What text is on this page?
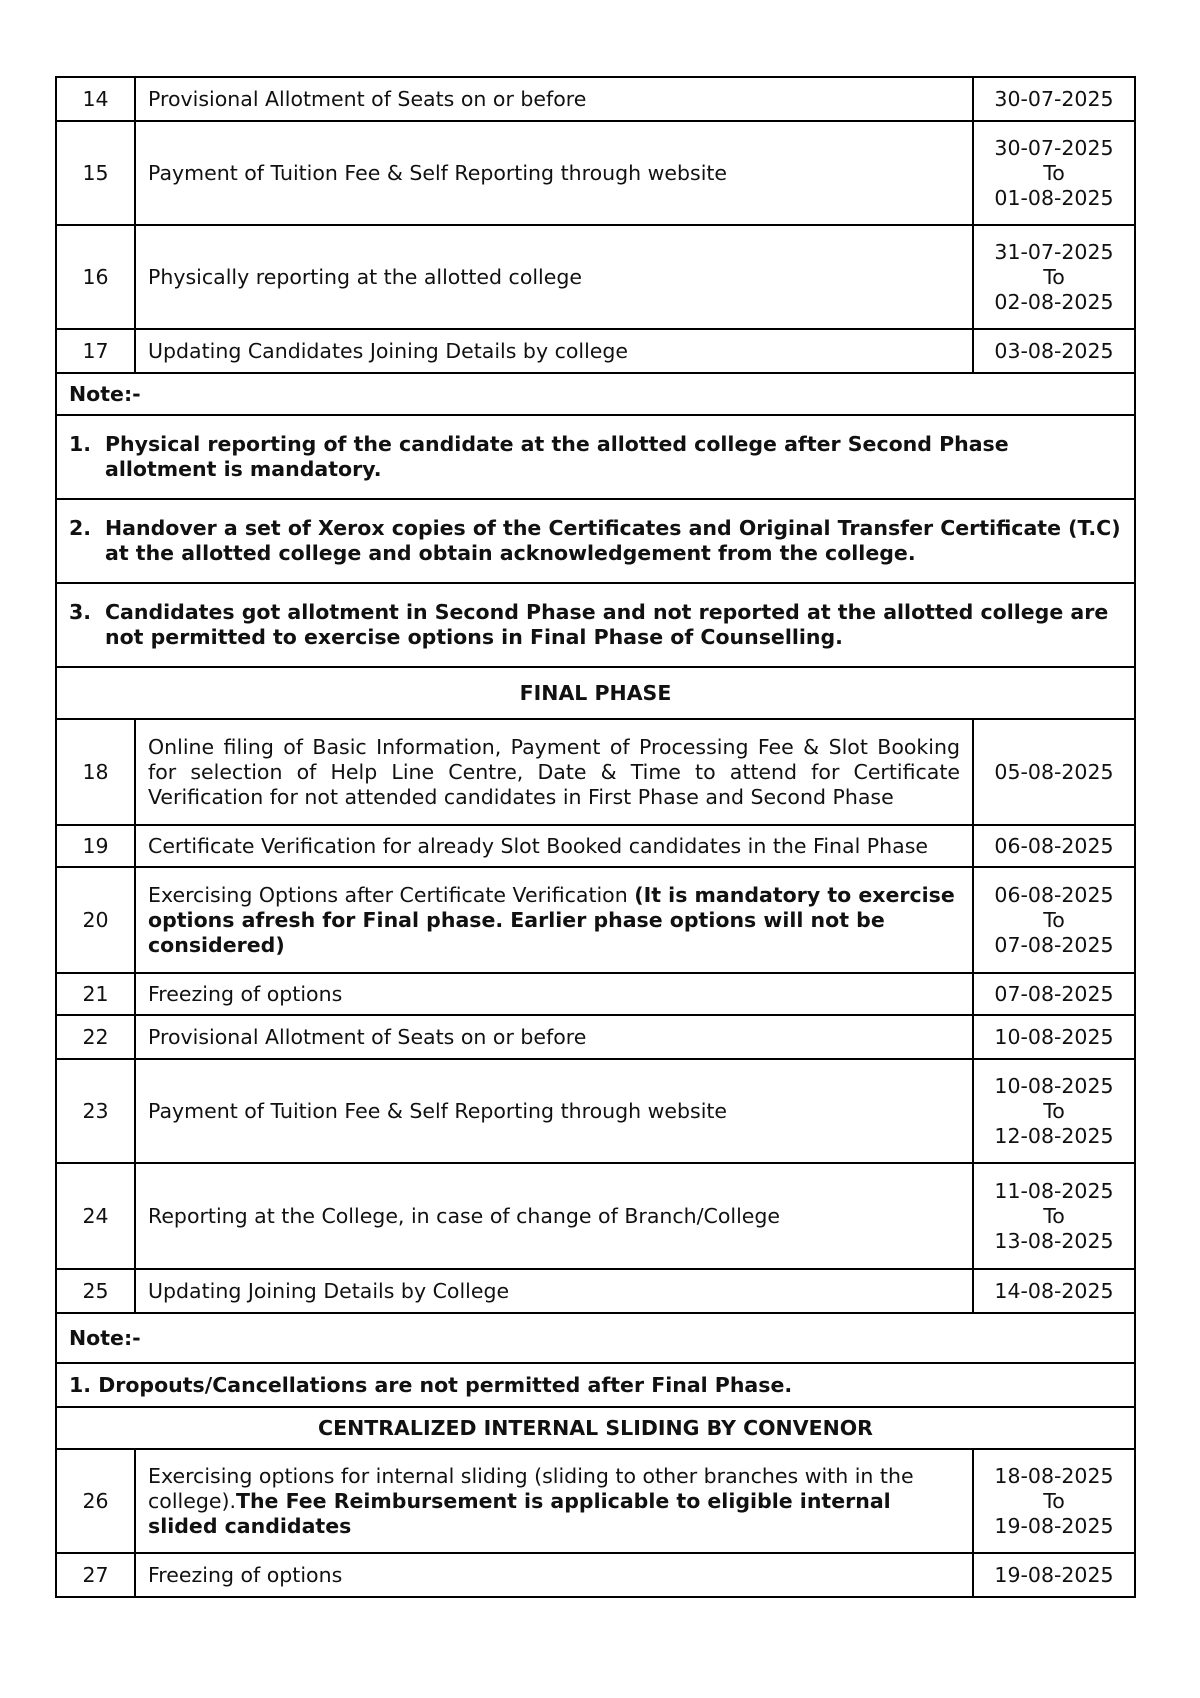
14	Provisional Allotment of Seats on or before	30-07-2025

15	Payment of Tuition Fee & Self Reporting through website	30-07-2025
To
01-08-2025

16	Physically reporting at the allotted college	31-07-2025
To
02-08-2025

17	Updating Candidates Joining Details by college	03-08-2025

Note:-		

1. Physical reporting of the candidate at the allotted college after Second Phase allotment is mandatory.		

2. Handover a set of Xerox copies of the Certificates and Original Transfer Certificate (T.C) at the allotted college and obtain acknowledgement from the college.		

3. Candidates got allotment in Second Phase and not reported at the allotted college are not permitted to exercise options in Final Phase of Counselling.		

FINAL PHASE		
18	Online filing of Basic Information, Payment of Processing Fee & Slot Booking for selection of Help Line Centre, Date & Time to attend for Certificate Verification for not attended candidates in First Phase and Second Phase	05-08-2025
19	Certificate Verification for already Slot Booked candidates in the Final Phase	06-08-2025
20	Exercising Options after Certificate Verification (It is mandatory to exercise options afresh for Final phase. Earlier phase options will not be considered)	06-08-2025
To
07-08-2025

21	Freezing of options	07-08-2025
22	Provisional Allotment of Seats on or before	10-08-2025
23	Payment of Tuition Fee & Self Reporting through website	10-08-2025
To
12-08-2025

24	Reporting at the College, in case of change of Branch/College	11-08-2025
To
13-08-2025

25	Updating Joining Details by College	14-08-2025
Note:-		
1. Dropouts/Cancellations are not permitted after Final Phase.		
CENTRALIZED INTERNAL SLIDING BY CONVENOR		
26	Exercising options for internal sliding (sliding to other branches with in the college).The Fee Reimbursement is applicable to eligible internal slided candidates	18-08-2025
To
19-08-2025

27	Freezing of options	19-08-2025
